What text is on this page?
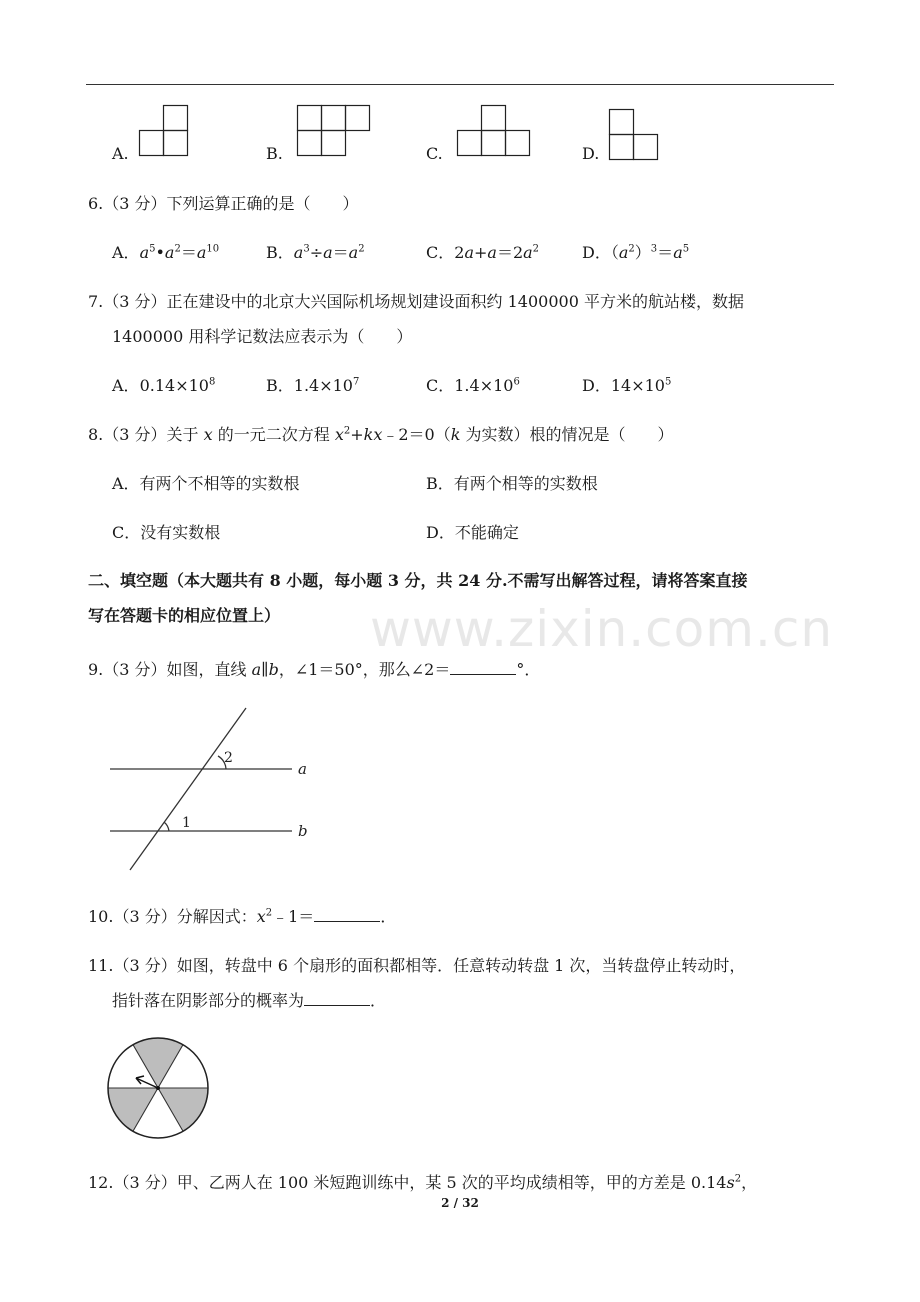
www.zixin.com.cn
A.	B.	C.	D.
6.（3 分）下列运算正确的是（　　）
A．$a^5•a^2=a^{10}$	B．$a^3\div a=a^2$	C．$2a+a=2a^2$	D．$(a^2)^3=a^5$
7.（3 分）正在建设中的北京大兴国际机场规划建设面积约 1400000 平方米的航站楼，数据
1400000 用科学记数法应表示为（　　）
A．$0.14\times 10^8$	B．$1.4\times 10^7$	C．$1.4\times 10^6$	D．$14\times 10^5$
8.（3 分）关于 x 的一元二次方程 $x^2+kx﹣2=0(k$ 为实数）根的情况是（　　）
A．有两个不相等的实数根	B．有两个相等的实数根
C．没有实数根	D．不能确定
二、填空题（本大题共有 8 小题，每小题 3 分，共 24 分.不需写出解答过程，请将答案直接
写在答题卡的相应位置上）
9.（3 分）如图，直线 a∥b，∠1＝50°，那么∠2＝	°．
2
1
a
b
10.（3 分）分解因式：$x^2﹣1=$	．
11.（3 分）如图，转盘中 6 个扇形的面积都相等．任意转动转盘 1 次，当转盘停止转动时，
指针落在阴影部分的概率为	．
12.（3 分）甲、乙两人在 100 米短跑训练中，某 5 次的平均成绩相等，甲的方差是 $0.14s^2$，
2 / 32
